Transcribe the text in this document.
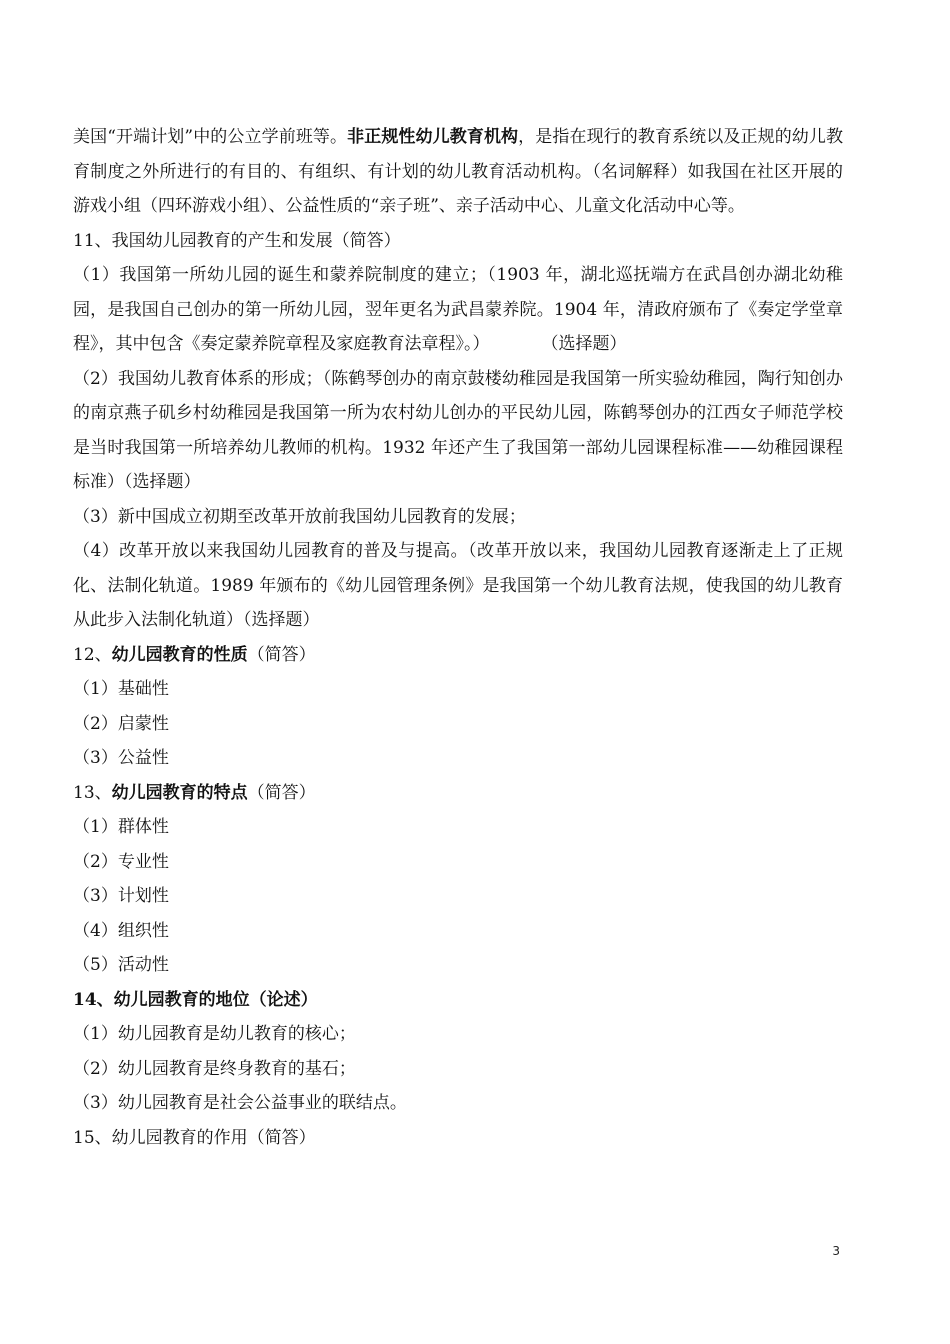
美国“开端计划”中的公立学前班等。非正规性幼儿教育机构，是指在现行的教育系统以及正规的幼儿教育制度之外所进行的有目的、有组织、有计划的幼儿教育活动机构。（名词解释）如我国在社区开展的游戏小组（四环游戏小组）、公益性质的“亲子班”、亲子活动中心、儿童文化活动中心等。

11、我国幼儿园教育的产生和发展（简答）

（1）我国第一所幼儿园的诞生和蒙养院制度的建立；（1903 年，湖北巡抚端方在武昌创办湖北幼稚园，是我国自己创办的第一所幼儿园，翌年更名为武昌蒙养院。1904 年，清政府颁布了《奏定学堂章程》，其中包含《奏定蒙养院章程及家庭教育法章程》。）	（选择题）

（2）我国幼儿教育体系的形成；（陈鹤琴创办的南京鼓楼幼稚园是我国第一所实验幼稚园，陶行知创办的南京燕子矶乡村幼稚园是我国第一所为农村幼儿创办的平民幼儿园，陈鹤琴创办的江西女子师范学校是当时我国第一所培养幼儿教师的机构。1932 年还产生了我国第一部幼儿园课程标准——幼稚园课程标准）（选择题）

（3）新中国成立初期至改革开放前我国幼儿园教育的发展；

（4）改革开放以来我国幼儿园教育的普及与提高。（改革开放以来，我国幼儿园教育逐渐走上了正规化、法制化轨道。1989 年颁布的《幼儿园管理条例》是我国第一个幼儿教育法规，使我国的幼儿教育从此步入法制化轨道）（选择题）

12、幼儿园教育的性质（简答）

（1）基础性

（2）启蒙性

（3）公益性

13、幼儿园教育的特点（简答）

（1）群体性

（2）专业性

（3）计划性

（4）组织性

（5）活动性

14、幼儿园教育的地位（论述）

（1）幼儿园教育是幼儿教育的核心；

（2）幼儿园教育是终身教育的基石；

（3）幼儿园教育是社会公益事业的联结点。

15、幼儿园教育的作用（简答）

3
